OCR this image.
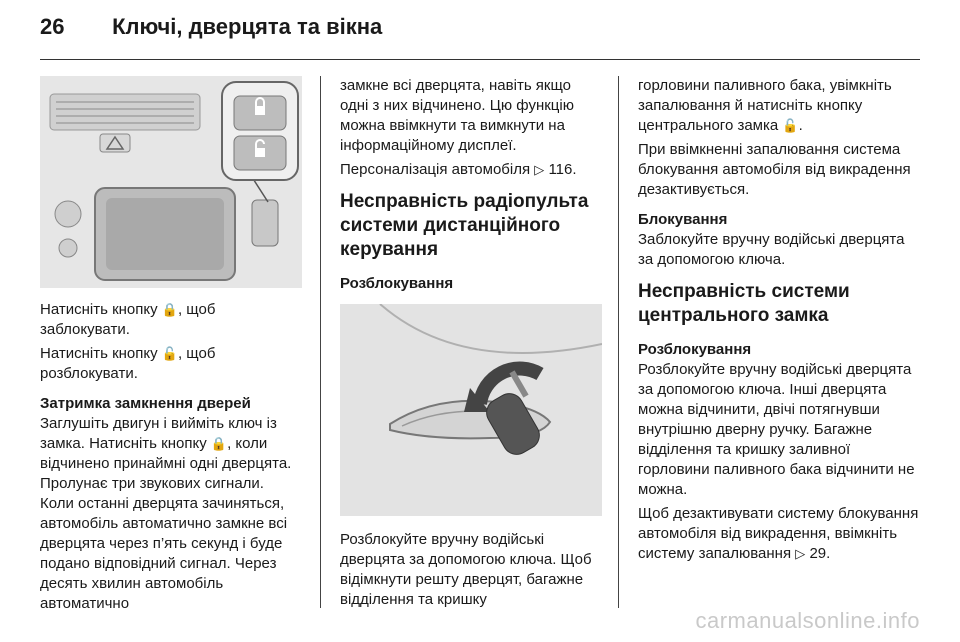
26 Ключі, дверцята та вікна

Натисніть кнопку 🔒, щоб заблокувати.

Натисніть кнопку 🔓, щоб розблокувати.

Затримка замкнення дверей

Заглушіть двигун і вийміть ключ із замка. Натисніть кнопку 🔒, коли відчинено принаймні одні дверцята. Пролунає три звукових сигнали. Коли останні дверцята зачиняться, автомобіль автоматично замкне всі дверцята через п’ять секунд і буде подано відповідний сигнал. Через десять хвилин автомобіль автоматично

замкне всі дверцята, навіть якщо одні з них відчинено. Цю функцію можна ввімкнути та вимкнути на інформаційному дисплеї.

Персоналізація автомобіля ▷ 116.

Несправність радіопульта системи дистанційного керування

Розблокування

Розблокуйте вручну водійські дверцята за допомогою ключа. Щоб відімкнути решту дверцят, багажне відділення та кришку

горловини паливного бака, увімкніть запалювання й натисніть кнопку центрального замка 🔓.

При ввімкненні запалювання система блокування автомобіля від викрадення дезактивується.

Блокування

Заблокуйте вручну водійські дверцята за допомогою ключа.

Несправність системи центрального замка

Розблокування

Розблокуйте вручну водійські дверцята за допомогою ключа. Інші дверцята можна відчинити, двічі потягнувши внутрішню дверну ручку. Багажне відділення та кришку заливної горловини паливного бака відчинити не можна.

Щоб дезактивувати систему блокування автомобіля від викрадення, ввімкніть систему запалювання ▷ 29.

carmanualsonline.info
